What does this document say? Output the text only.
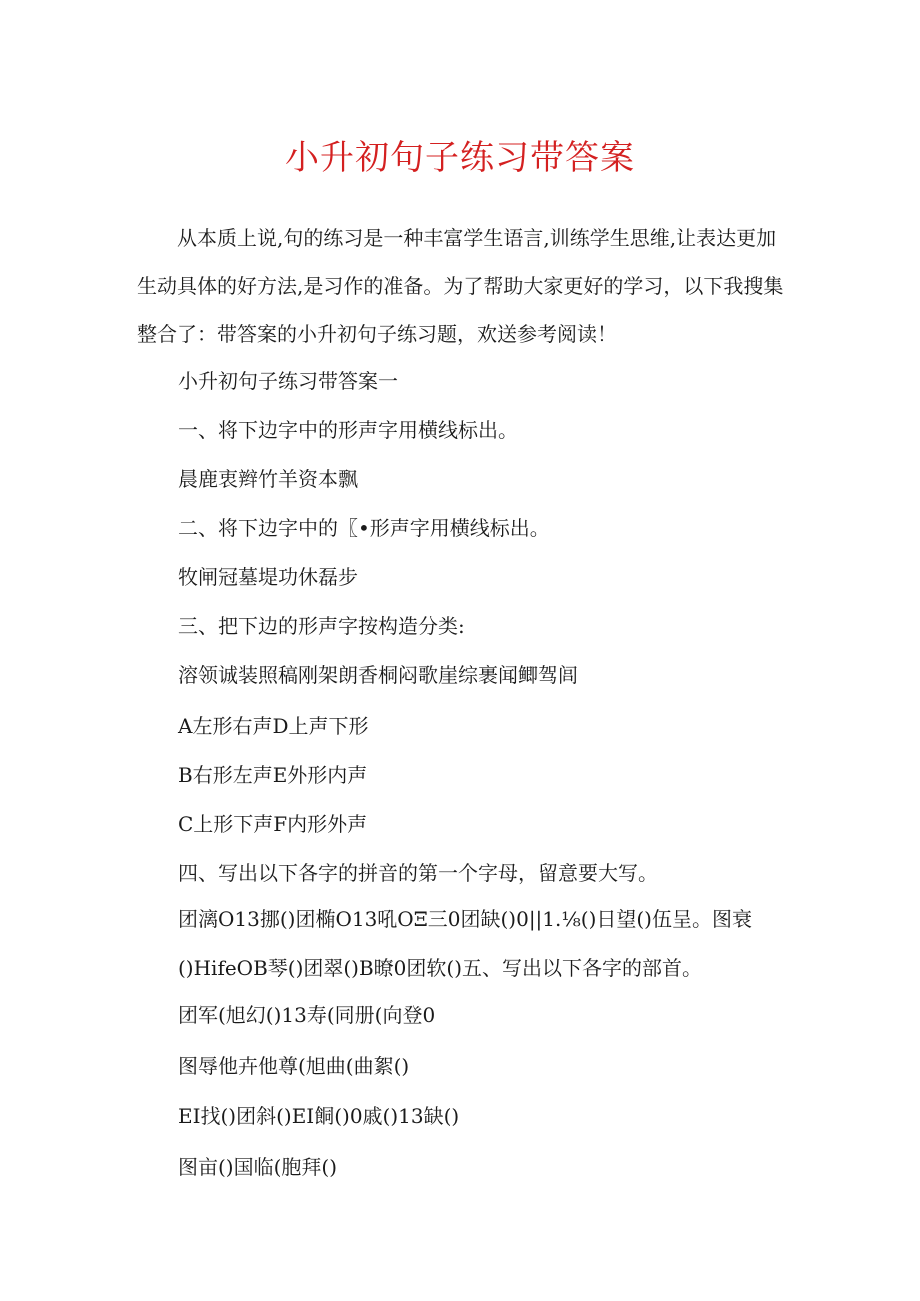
小升初句子练习带答案

从本质上说,句的练习是一种丰富学生语言,训练学生思维,让表达更加生动具体的好方法,是习作的准备。为了帮助大家更好的学习，以下我搜集整合了：带答案的小升初句子练习题，欢送参考阅读！

小升初句子练习带答案一

一、将下边字中的形声字用横线标出。

晨鹿衷辫竹羊资本飘

二、将下边字中的〖•形声字用横线标出。

牧闸冠墓堤功休磊步

三、把下边的形声字按构造分类:

溶领诚装照稿刚架朗香桐闷歌崖综裹闻鲫驾闾

A左形右声D上声下形

B右形左声E外形内声

C上形下声F内形外声

四、写出以下各字的拼音的第一个字母，留意要大写。

团漓O13挪()团椭O13吼OΞ三0团缺()0||1.⅛()日望()伍呈。图衰

()HifeOB琴()团翠()B暸0团软()五、写出以下各字的部首。

团军(旭幻()13寿(同册(向登0

图辱他卉他尊(旭曲(曲絮()

EI找()团斜()EI餇()0戚()13缺()

图亩()国临(胞拜()
